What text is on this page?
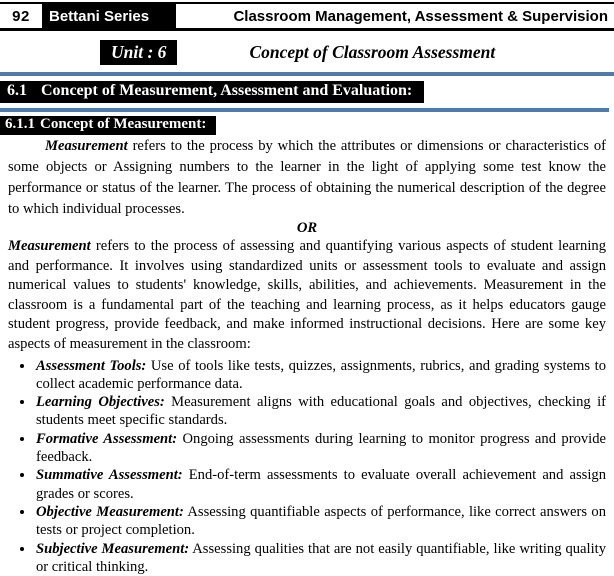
92	Bettani Series	Classroom Management, Assessment & Supervision
Unit : 6	Concept of Classroom Assessment
6.1 Concept of Measurement, Assessment and Evaluation:
6.1.1 Concept of Measurement:

Measurement refers to the process by which the attributes or dimensions or characteristics of some objects or Assigning numbers to the learner in the light of applying some test know the performance or status of the learner. The process of obtaining the numerical description of the degree to which individual processes.

OR

Measurement refers to the process of assessing and quantifying various aspects of student learning and performance. It involves using standardized units or assessment tools to evaluate and assign numerical values to students' knowledge, skills, abilities, and achievements. Measurement in the classroom is a fundamental part of the teaching and learning process, as it helps educators gauge student progress, provide feedback, and make informed instructional decisions. Here are some key aspects of measurement in the classroom:

• Assessment Tools: Use of tools like tests, quizzes, assignments, rubrics, and grading systems to collect academic performance data.
• Learning Objectives: Measurement aligns with educational goals and objectives, checking if students meet specific standards.
• Formative Assessment: Ongoing assessments during learning to monitor progress and provide feedback.
• Summative Assessment: End-of-term assessments to evaluate overall achievement and assign grades or scores.
• Objective Measurement: Assessing quantifiable aspects of performance, like correct answers on tests or project completion.
• Subjective Measurement: Assessing qualities that are not easily quantifiable, like writing quality or critical thinking.
